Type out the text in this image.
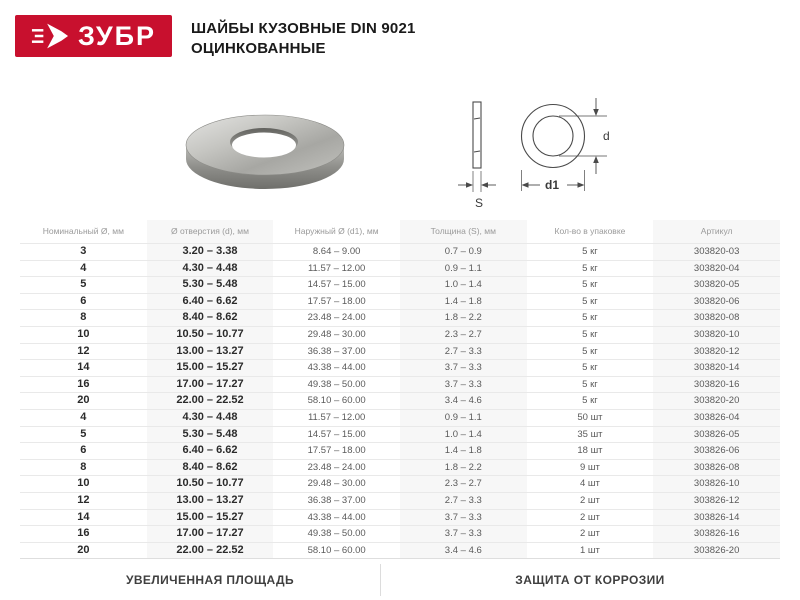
ЗУБР ШАЙБЫ КУЗОВНЫЕ DIN 9021
ОЦИНКОВАННЫЕ
S
d
d1
Номинальный Ø, мм	Ø отверстия (d), мм	Наружный Ø (d1), мм	Толщина (S), мм	Кол-во в упаковке	Артикул
3	3.20 – 3.38	8.64 – 9.00	0.7 – 0.9	5 кг	303820-03
4	4.30 – 4.48	11.57 – 12.00	0.9 – 1.1	5 кг	303820-04
5	5.30 – 5.48	14.57 – 15.00	1.0 – 1.4	5 кг	303820-05
6	6.40 – 6.62	17.57 – 18.00	1.4 – 1.8	5 кг	303820-06
8	8.40 – 8.62	23.48 – 24.00	1.8 – 2.2	5 кг	303820-08
10	10.50 – 10.77	29.48 – 30.00	2.3 – 2.7	5 кг	303820-10
12	13.00 – 13.27	36.38 – 37.00	2.7 – 3.3	5 кг	303820-12
14	15.00 – 15.27	43.38 – 44.00	3.7 – 3.3	5 кг	303820-14
16	17.00 – 17.27	49.38 – 50.00	3.7 – 3.3	5 кг	303820-16
20	22.00 – 22.52	58.10 – 60.00	3.4 – 4.6	5 кг	303820-20
4	4.30 – 4.48	11.57 – 12.00	0.9 – 1.1	50 шт	303826-04
5	5.30 – 5.48	14.57 – 15.00	1.0 – 1.4	35 шт	303826-05
6	6.40 – 6.62	17.57 – 18.00	1.4 – 1.8	18 шт	303826-06
8	8.40 – 8.62	23.48 – 24.00	1.8 – 2.2	9 шт	303826-08
10	10.50 – 10.77	29.48 – 30.00	2.3 – 2.7	4 шт	303826-10
12	13.00 – 13.27	36.38 – 37.00	2.7 – 3.3	2 шт	303826-12
14	15.00 – 15.27	43.38 – 44.00	3.7 – 3.3	2 шт	303826-14
16	17.00 – 17.27	49.38 – 50.00	3.7 – 3.3	2 шт	303826-16
20	22.00 – 22.52	58.10 – 60.00	3.4 – 4.6	1 шт	303826-20
УВЕЛИЧЕННАЯ ПЛОЩАДЬ	ЗАЩИТА ОТ КОРРОЗИИ
